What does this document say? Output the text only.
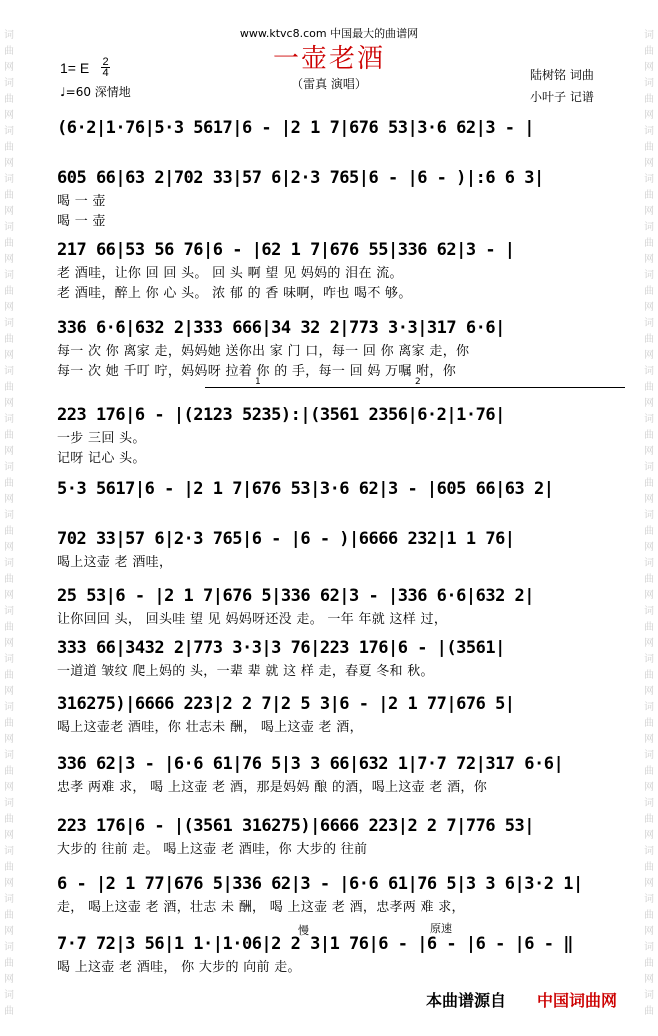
词
曲
网
词
曲
网
词
曲
网
词
曲
网
词
曲
网
词
曲
网
词
曲
网
词
曲
网
词
曲
网
词
曲
网
词
曲
网
词
曲
网
词
曲
网
词
曲
网
词
曲
网
词
曲
网
词
曲
网
词
曲
网
词
曲
网
词
曲
网
词
曲
词
曲
网
词
曲
网
词
曲
网
词
曲
网
词
曲
网
词
曲
网
词
曲
网
词
曲
网
词
曲
网
词
曲
网
词
曲
网
词
曲
网
词
曲
网
词
曲
网
词
曲
网
词
曲
网
词
曲
网
词
曲
网
词
曲
网
词
曲
网
词
曲
www.ktvc8.com 中国最大的曲谱网
一壶老酒
（雷真 演唱）
1= E 2
4
♩=60 深情地
陆树铭 词曲
小叶子 记谱
1	2
慢	原速
(6·2|1·76|5·3 5617|6 - |2 1 7|676 53|3·6 62|3 - |
605 66|63 2|702 33|57 6|2·3 765|6 - |6 - )|:6 6 3|
喝 一 壶
喝 一 壶
217 66|53 56 76|6 - |62 1 7|676 55|336 62|3 - |
老 酒哇，让你 回 回 头。 回 头 啊 望 见 妈妈的 泪在 流。
老 酒哇，醉上 你 心 头。 浓 郁 的 香 味啊，咋也 喝不 够。
336 6·6|632 2|333 666|34 32 2|773 3·3|317 6·6|
每一 次 你 离家 走，妈妈她 送你出 家 门 口，每一 回 你 离家 走，你
每一 次 她 千叮 咛，妈妈呀 拉着 你 的 手，每一 回 妈 万嘱 咐，你
223 176|6 - |(2123 5235):|(3561 2356|6·2|1·76|
一步 三回 头。
记呀 记心 头。
5·3 5617|6 - |2 1 7|676 53|3·6 62|3 - |605 66|63 2|
702 33|57 6|2·3 765|6 - |6 - )|6666 232|1 1 76|
喝上这壶 老 酒哇，
25 53|6 - |2 1 7|676 5|336 62|3 - |336 6·6|632 2|
让你回回 头， 回头哇 望 见 妈妈呀还没 走。 一年 年就 这样 过，
333 66|3432 2|773 3·3|3 76|223 176|6 - |(3561|
一道道 皱纹 爬上妈的 头，一辈 辈 就 这 样 走，春夏 冬和 秋。
316275)|6666 223|2 2 7|2 5 3|6 - |2 1 77|676 5|
喝上这壶老 酒哇，你 壮志未 酬， 喝上这壶 老 酒，
336 62|3 - |6·6 61|76 5|3 3 66|632 1|7·7 72|317 6·6|
忠孝 两难 求， 喝 上这壶 老 酒，那是妈妈 酿 的酒，喝上这壶 老 酒，你
223 176|6 - |(3561 316275)|6666 223|2 2 7|776 53|
大步的 往前 走。 喝上这壶 老 酒哇，你 大步的 往前
6 - |2 1 77|676 5|336 62|3 - |6·6 61|76 5|3 3 6|3·2 1|
走， 喝上这壶 老 酒，壮志 未 酬， 喝 上这壶 老 酒，忠孝两 难 求，
7·7 72|3 56|1 1·|1·06|2 2 3|1 76|6 - |6 - |6 - |6 - ‖
喝 上这壶 老 酒哇， 你 大步的 向前 走。
本曲谱源自 中国词曲网
